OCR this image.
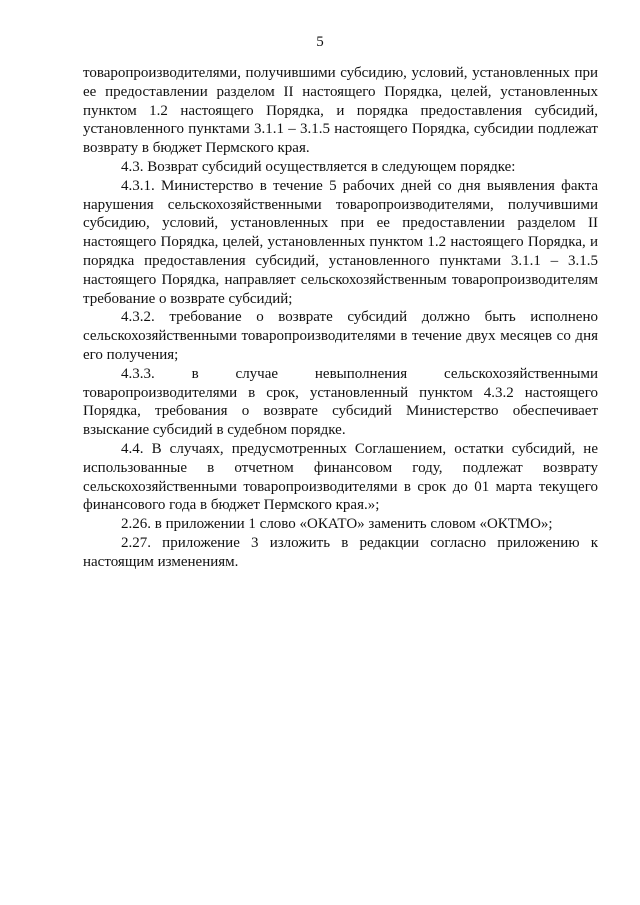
5

товаропроизводителями, получившими субсидию, условий, установленных при ее предоставлении разделом II настоящего Порядка, целей, установленных пунктом 1.2 настоящего Порядка, и порядка предоставления субсидий, установленного пунктами 3.1.1 – 3.1.5 настоящего Порядка, субсидии подлежат возврату в бюджет Пермского края.

4.3. Возврат субсидий осуществляется в следующем порядке:

4.3.1. Министерство в течение 5 рабочих дней со дня выявления факта нарушения сельскохозяйственными товаропроизводителями, получившими субсидию, условий, установленных при ее предоставлении разделом II настоящего Порядка, целей, установленных пунктом 1.2 настоящего Порядка, и порядка предоставления субсидий, установленного пунктами 3.1.1 – 3.1.5 настоящего Порядка, направляет сельскохозяйственным товаропроизводителям требование о возврате субсидий;

4.3.2. требование о возврате субсидий должно быть исполнено сельскохозяйственными товаропроизводителями в течение двух месяцев со дня его получения;

4.3.3. в случае невыполнения сельскохозяйственными товаропроизводителями в срок, установленный пунктом 4.3.2 настоящего Порядка, требования о возврате субсидий Министерство обеспечивает взыскание субсидий в судебном порядке.

4.4. В случаях, предусмотренных Соглашением, остатки субсидий, не использованные в отчетном финансовом году, подлежат возврату сельскохозяйственными товаропроизводителями в срок до 01 марта текущего финансового года в бюджет Пермского края.»;

2.26. в приложении 1 слово «ОКАТО» заменить словом «ОКТМО»;

2.27. приложение 3 изложить в редакции согласно приложению к настоящим изменениям.
